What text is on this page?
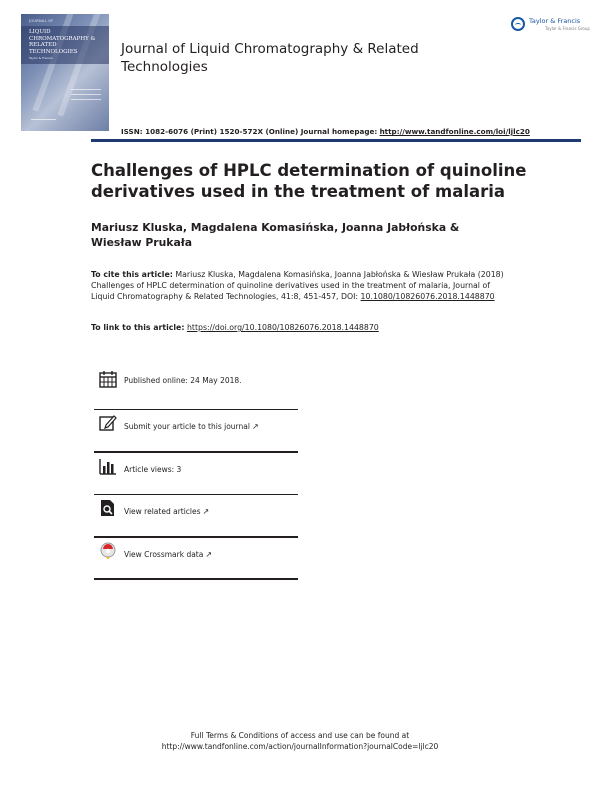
JOURNAL OF
LIQUID CHROMATOGRAPHY & RELATED TECHNOLOGIES
Taylor & Francis
Journal of Liquid Chromatography & Related Technologies
Taylor & Francis
Taylor & Francis Group
ISSN: 1082-6076 (Print) 1520-572X (Online) Journal homepage: http://www.tandfonline.com/loi/ljlc20
Challenges of HPLC determination of quinoline derivatives used in the treatment of malaria
Mariusz Kluska, Magdalena Komasińska, Joanna Jabłońska & Wiesław Prukała
To cite this article: Mariusz Kluska, Magdalena Komasińska, Joanna Jabłońska & Wiesław Prukała (2018) Challenges of HPLC determination of quinoline derivatives used in the treatment of malaria, Journal of Liquid Chromatography & Related Technologies, 41:8, 451-457, DOI: 10.1080/10826076.2018.1448870
To link to this article: https://doi.org/10.1080/10826076.2018.1448870
Published online: 24 May 2018.
Submit your article to this journal ↗
Article views: 3
View related articles ↗
View Crossmark data ↗
Full Terms & Conditions of access and use can be found at
http://www.tandfonline.com/action/journalInformation?journalCode=ljlc20
